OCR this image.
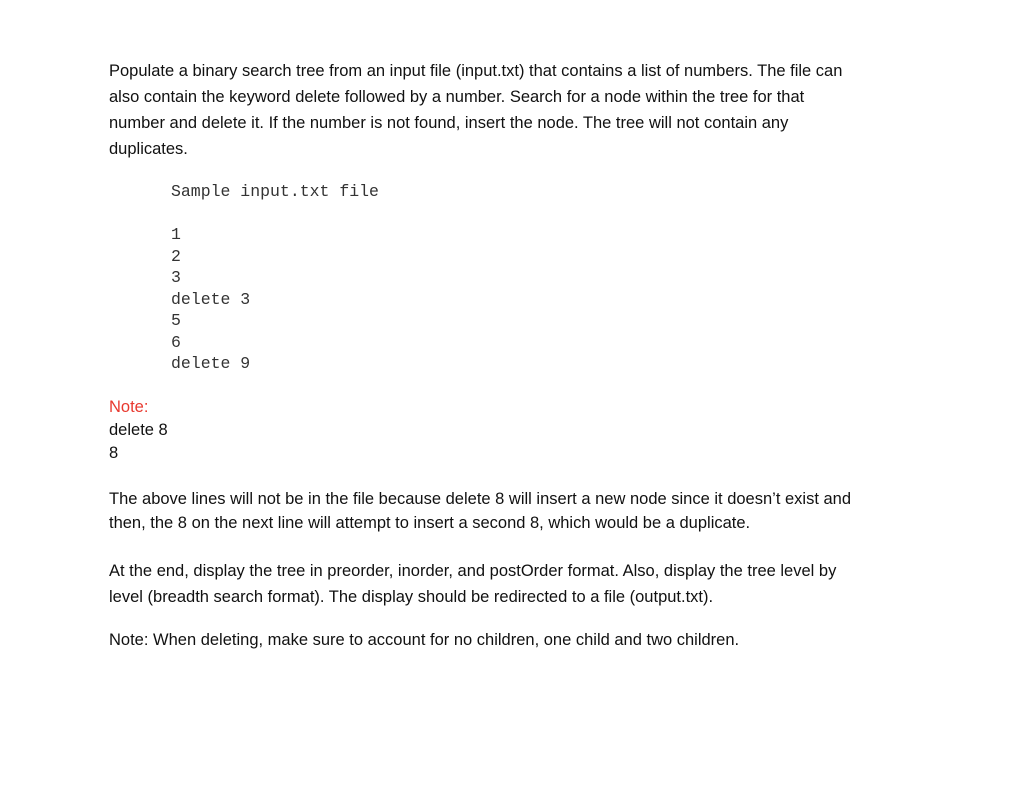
Populate a binary search tree from an input file (input.txt) that contains a list of numbers. The file can
also contain the keyword delete followed by a number. Search for a node within the tree for that
number and delete it. If the number is not found, insert the node. The tree will not contain any
duplicates.
Sample input.txt file
1
2
3
delete 3
5
6
delete 9
Note:
delete 8
8
The above lines will not be in the file because delete 8 will insert a new node since it doesn’t exist and
then, the 8 on the next line will attempt to insert a second 8, which would be a duplicate.
At the end, display the tree in preorder, inorder, and postOrder format. Also, display the tree level by
level (breadth search format). The display should be redirected to a file (output.txt).
Note: When deleting, make sure to account for no children, one child and two children.
